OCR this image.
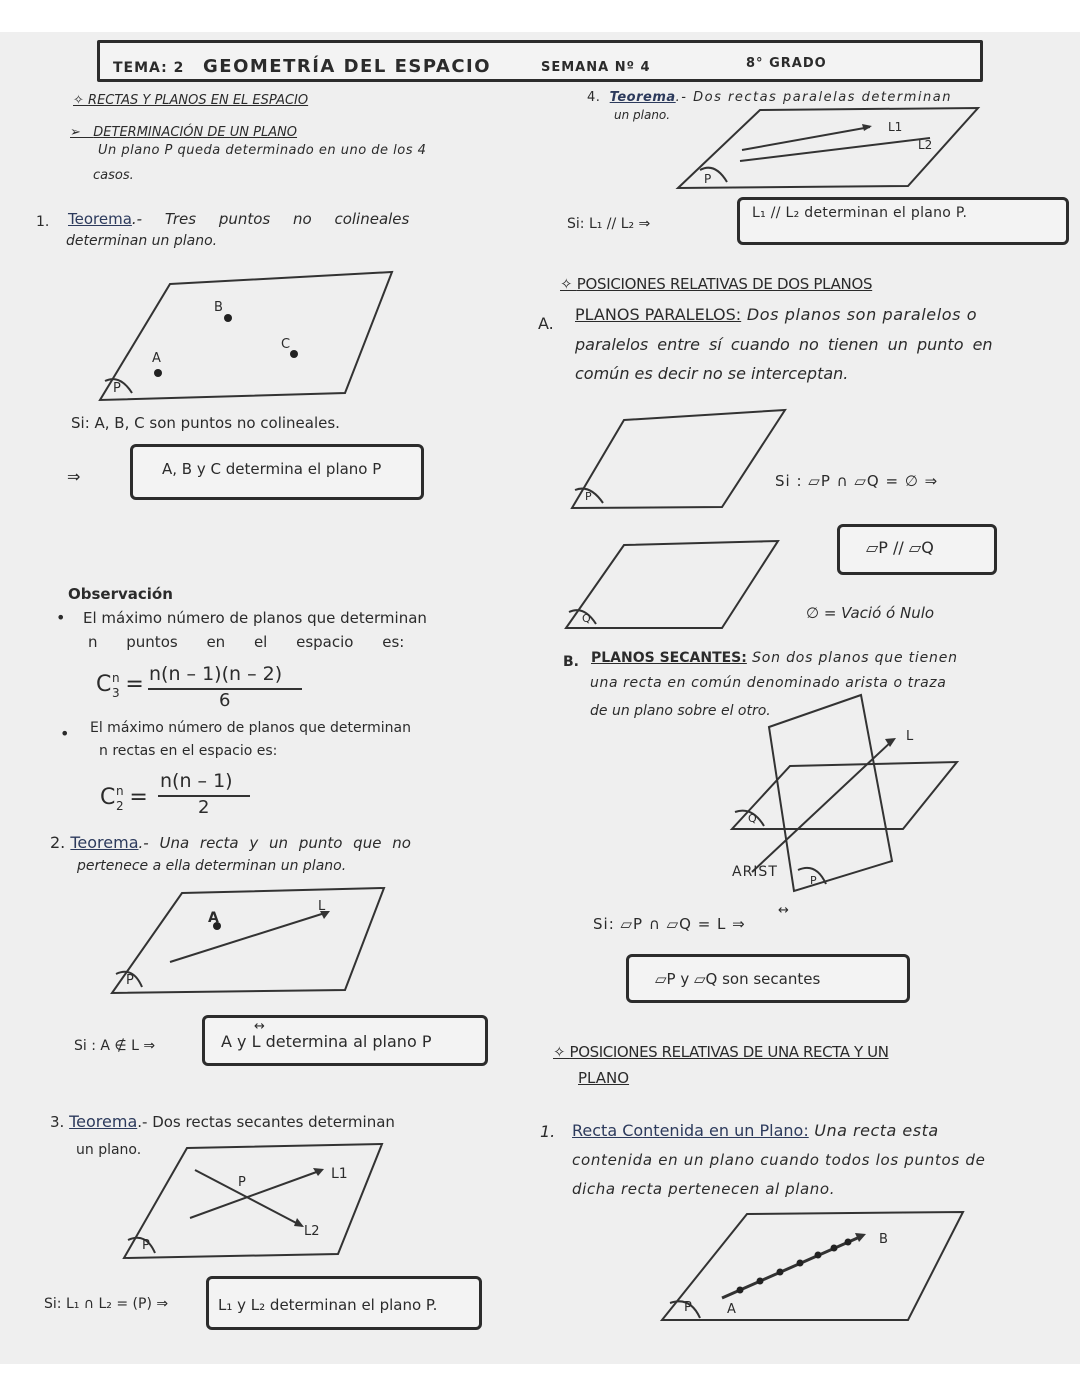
TEMA: 2 GEOMETRÍA DEL ESPACIO	SEMANA Nº 4	8° GRADO
✧ RECTAS Y PLANOS EN EL ESPACIO
➢   DETERMINACIÓN DE UN PLANO
Un plano P queda determinado en uno de los 4
casos.
1. Teorema.- Tres puntos no colineales
determinan un plano.
B
C
A
P
Si: A, B, C son puntos no colineales.
⇒	A, B y C determina el plano P
Observación
• El máximo número de planos que determinan
n puntos en el espacio es:
C n
3 = n(n – 1)(n – 2)
6
• El máximo número de planos que determinan
n rectas en el espacio es:
C n
2 =
n(n – 1)
2
2. Teorema.- Una recta y un punto que no
pertenece a ella determinan un plano.
A
L
P
Si : A ∉ L ⇒	A y L determina al plano P
↔
3. Teorema.- Dos rectas secantes determinan
un plano.
P
L1
L2
P
Si: L₁ ∩ L₂ = (P) ⇒	L₁ y L₂ determinan el plano P.
4. Teorema.- Dos rectas paralelas determinan
un plano.
L1
L2
P
Si: L₁ // L₂ ⇒
L₁ // L₂ determinan el plano P.
✧ POSICIONES RELATIVAS DE DOS PLANOS
A. PLANOS PARALELOS: Dos planos son paralelos o
paralelos entre sí cuando no tienen un punto en
común es decir no se interceptan.
P
Q
Si : ▱P ∩ ▱Q = ∅ ⇒
▱P // ▱Q
∅ = Vació ó Nulo
B. PLANOS SECANTES: Son dos planos que tienen
una recta en común denominado arista o traza
de un plano sobre el otro.
L
Q
ARIST
P
Si: ▱P ∩ ▱Q = L ⇒
↔
▱P y ▱Q son secantes
✧ POSICIONES RELATIVAS DE UNA RECTA Y UN
PLANO
1. Recta Contenida en un Plano: Una recta esta
contenida en un plano cuando todos los puntos de
dicha recta pertenecen al plano.
B
A
P
